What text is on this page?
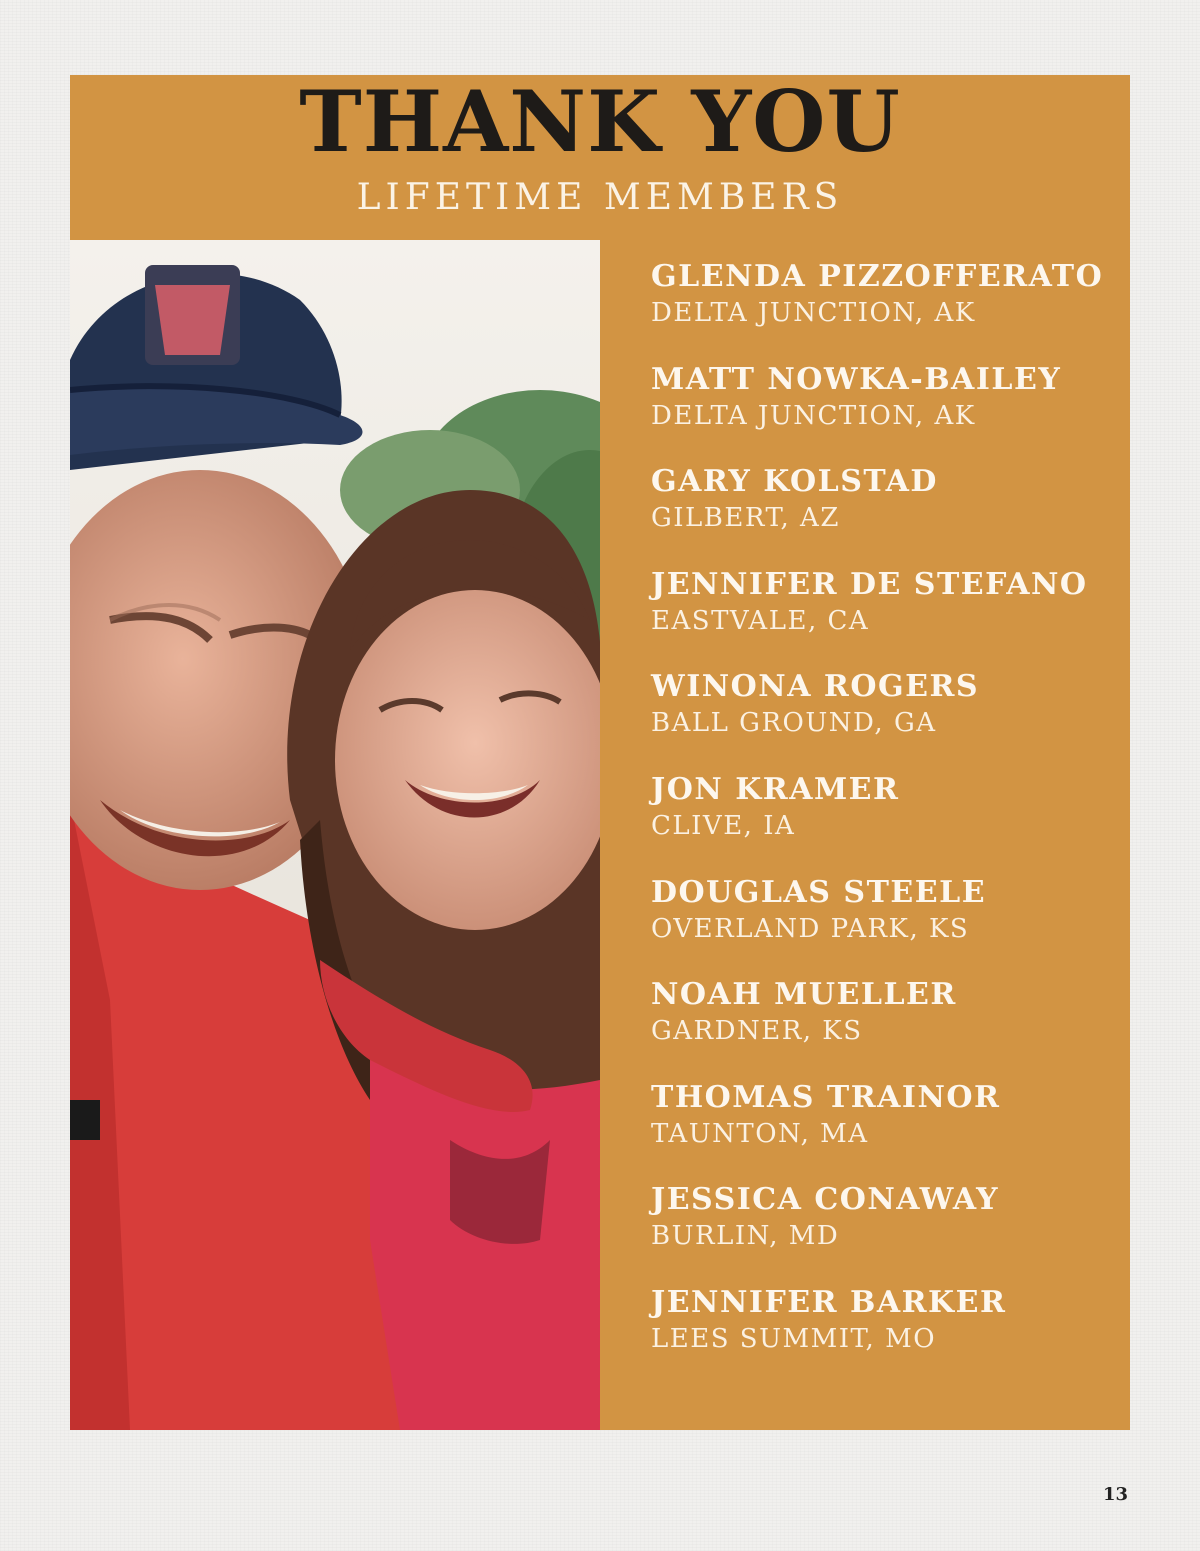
THANK YOU
LIFETIME MEMBERS
GLENDA PIZZOFFERATO
DELTA JUNCTION, AK
MATT NOWKA-BAILEY
DELTA JUNCTION, AK
GARY KOLSTAD
GILBERT, AZ
JENNIFER DE STEFANO
EASTVALE, CA
WINONA ROGERS
BALL GROUND, GA
JON KRAMER
CLIVE, IA
DOUGLAS STEELE
OVERLAND PARK, KS
NOAH MUELLER
GARDNER, KS
THOMAS TRAINOR
TAUNTON, MA
JESSICA CONAWAY
BURLIN, MD
JENNIFER BARKER
LEES SUMMIT, MO
13
